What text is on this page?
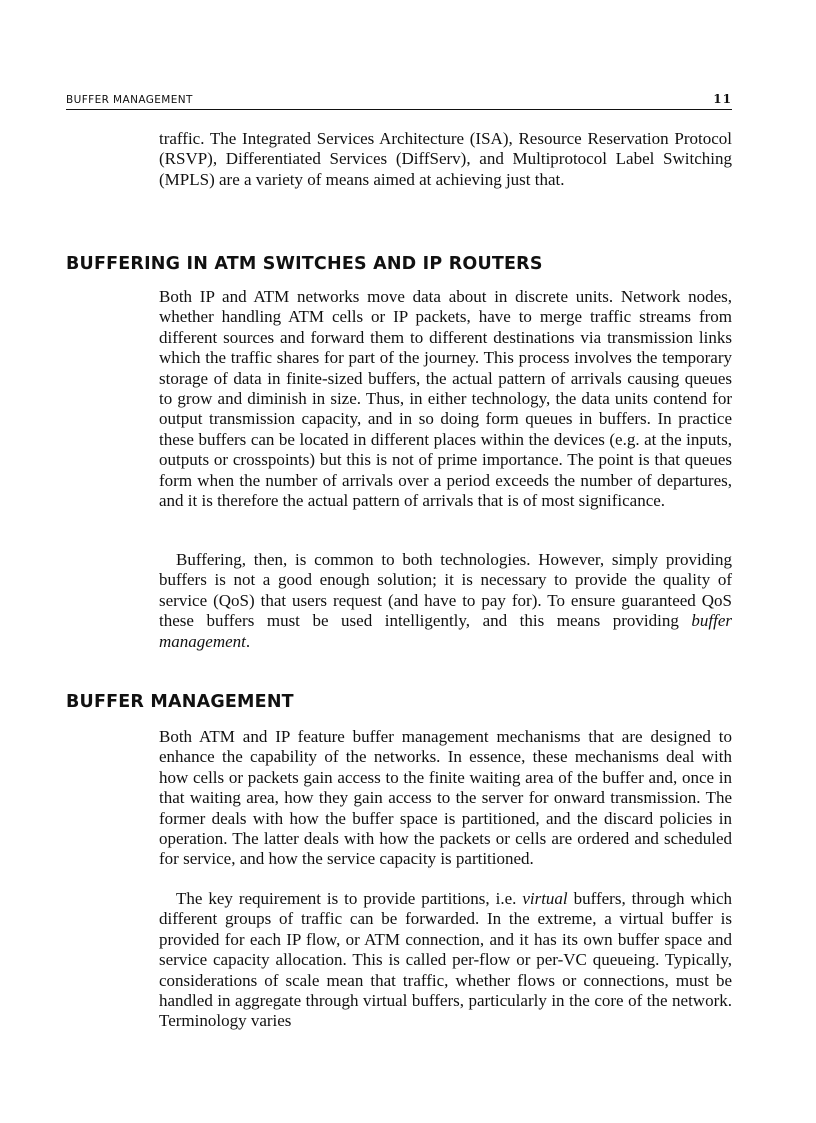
BUFFER MANAGEMENT	11

traffic. The Integrated Services Architecture (ISA), Resource Reservation Protocol (RSVP), Differentiated Services (DiffServ), and Multiprotocol Label Switching (MPLS) are a variety of means aimed at achieving just that.

BUFFERING IN ATM SWITCHES AND IP ROUTERS

Both IP and ATM networks move data about in discrete units. Network nodes, whether handling ATM cells or IP packets, have to merge traffic streams from different sources and forward them to different destinations via transmission links which the traffic shares for part of the journey. This process involves the temporary storage of data in finite-sized buffers, the actual pattern of arrivals causing queues to grow and diminish in size. Thus, in either technology, the data units contend for output transmission capacity, and in so doing form queues in buffers. In practice these buffers can be located in different places within the devices (e.g. at the inputs, outputs or crosspoints) but this is not of prime importance. The point is that queues form when the number of arrivals over a period exceeds the number of departures, and it is therefore the actual pattern of arrivals that is of most significance.

Buffering, then, is common to both technologies. However, simply providing buffers is not a good enough solution; it is necessary to provide the quality of service (QoS) that users request (and have to pay for). To ensure guaranteed QoS these buffers must be used intelligently, and this means providing buffer management.

BUFFER MANAGEMENT

Both ATM and IP feature buffer management mechanisms that are designed to enhance the capability of the networks. In essence, these mechanisms deal with how cells or packets gain access to the finite waiting area of the buffer and, once in that waiting area, how they gain access to the server for onward transmission. The former deals with how the buffer space is partitioned, and the discard policies in operation. The latter deals with how the packets or cells are ordered and scheduled for service, and how the service capacity is partitioned.

The key requirement is to provide partitions, i.e. virtual buffers, through which different groups of traffic can be forwarded. In the extreme, a virtual buffer is provided for each IP flow, or ATM connection, and it has its own buffer space and service capacity allocation. This is called per-flow or per-VC queueing. Typically, considerations of scale mean that traffic, whether flows or connections, must be handled in aggregate through virtual buffers, particularly in the core of the network. Terminology varies
